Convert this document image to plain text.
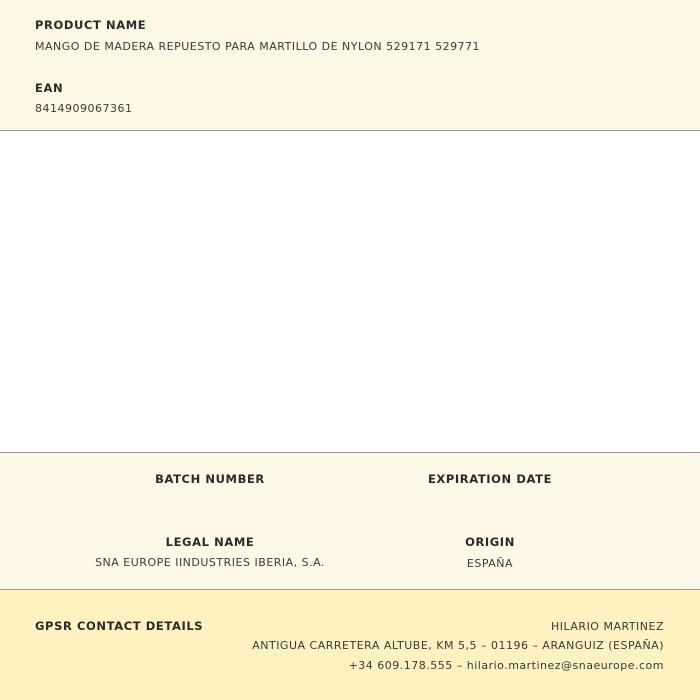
PRODUCT NAME
MANGO DE MADERA REPUESTO PARA MARTILLO DE NYLON 529171 529771
EAN
8414909067361
BATCH NUMBER	EXPIRATION DATE
LEGAL NAME
SNA EUROPE IINDUSTRIES IBERIA, S.A.
ORIGIN
ESPAÑA
GPSR CONTACT DETAILS	HILARIO MARTINEZ
ANTIGUA CARRETERA ALTUBE, KM 5,5 – 01196 – ARANGUIZ (ESPAÑA)
+34 609.178.555 – hilario.martinez@snaeurope.com
